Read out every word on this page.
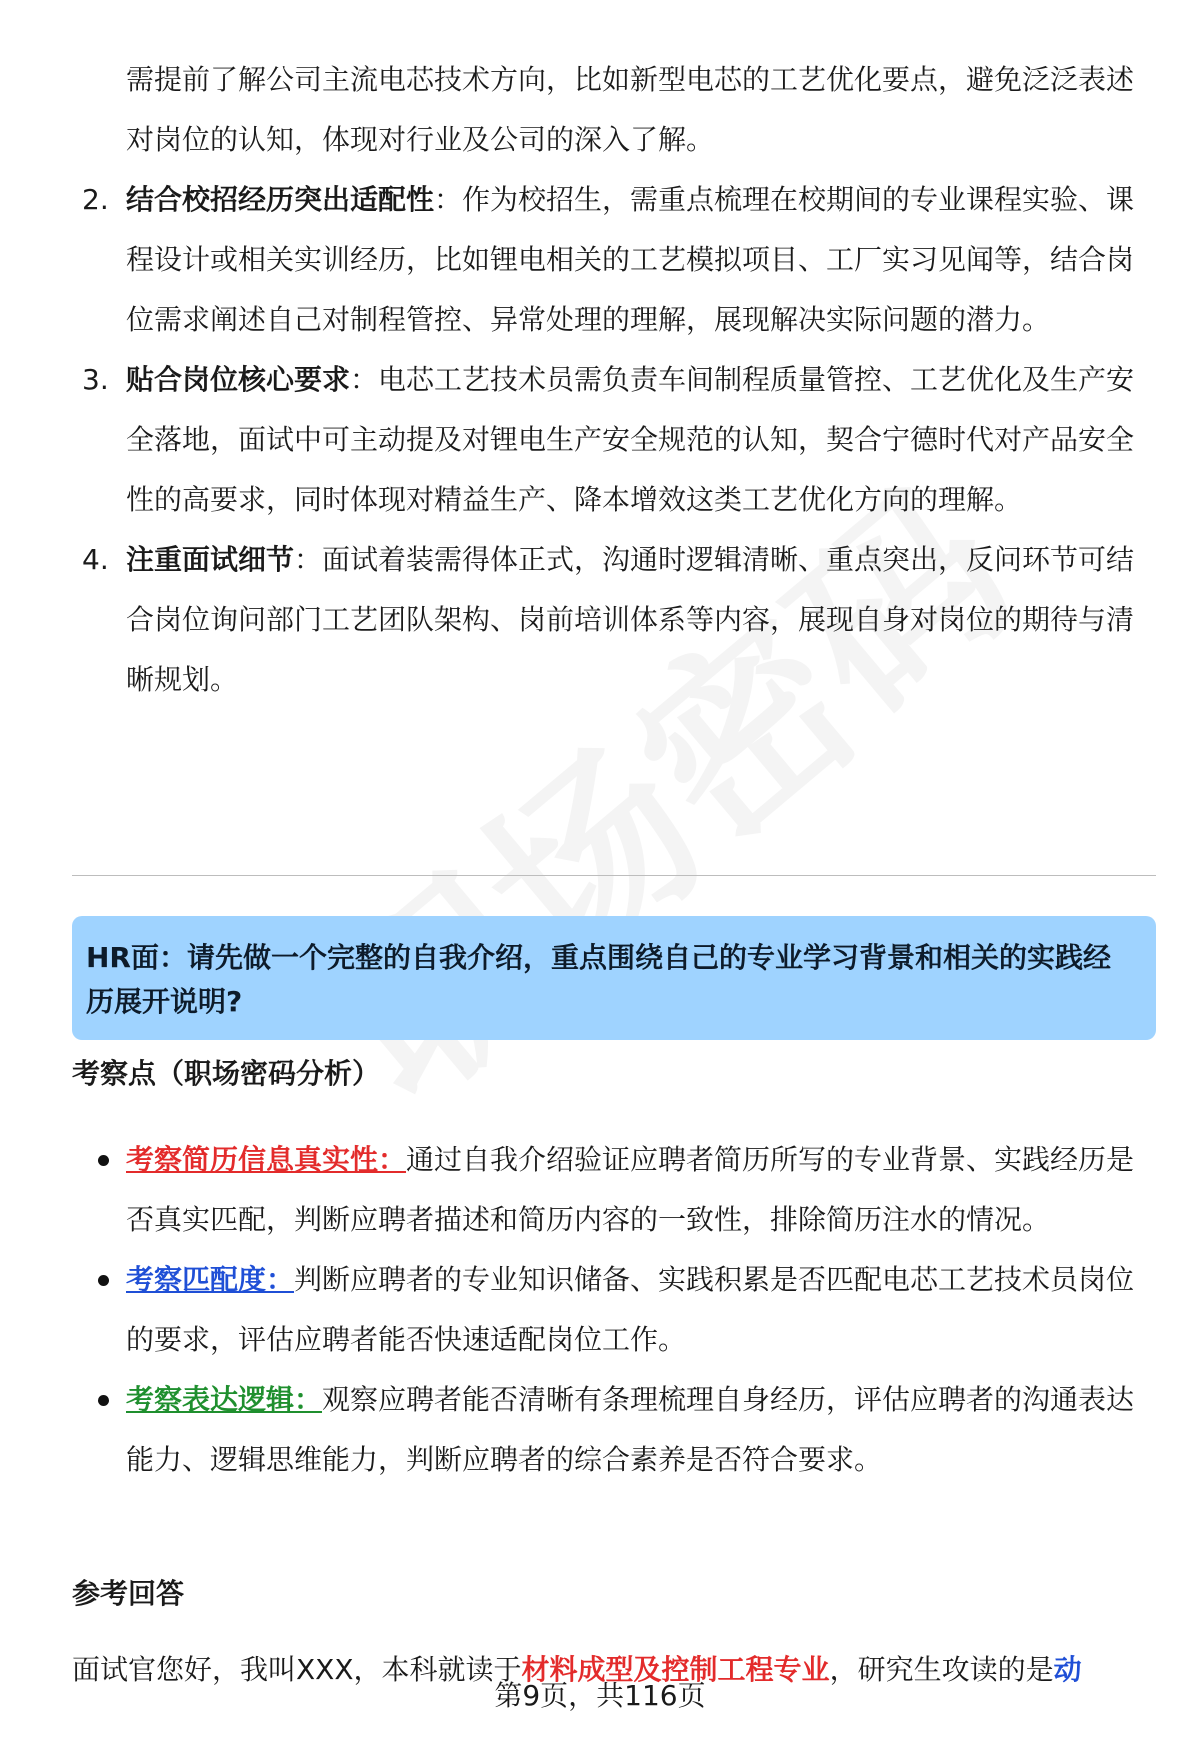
需提前了解公司主流电芯技术方向，比如新型电芯的工艺优化要点，避免泛泛表述对岗位的认知，体现对行业及公司的深入了解。
2. 结合校招经历突出适配性：作为校招生，需重点梳理在校期间的专业课程实验、课程设计或相关实训经历，比如锂电相关的工艺模拟项目、工厂实习见闻等，结合岗位需求阐述自己对制程管控、异常处理的理解，展现解决实际问题的潜力。
3. 贴合岗位核心要求：电芯工艺技术员需负责车间制程质量管控、工艺优化及生产安全落地，面试中可主动提及对锂电生产安全规范的认知，契合宁德时代对产品安全性的高要求，同时体现对精益生产、降本增效这类工艺优化方向的理解。
4. 注重面试细节：面试着装需得体正式，沟通时逻辑清晰、重点突出，反问环节可结合岗位询问部门工艺团队架构、岗前培训体系等内容，展现自身对岗位的期待与清晰规划。
HR面：请先做一个完整的自我介绍，重点围绕自己的专业学习背景和相关的实践经历展开说明?
考察点（职场密码分析）
考察简历信息真实性：通过自我介绍验证应聘者简历所写的专业背景、实践经历是否真实匹配，判断应聘者描述和简历内容的一致性，排除简历注水的情况。
考察匹配度：判断应聘者的专业知识储备、实践积累是否匹配电芯工艺技术员岗位的要求，评估应聘者能否快速适配岗位工作。
考察表达逻辑：观察应聘者能否清晰有条理梳理自身经历，评估应聘者的沟通表达能力、逻辑思维能力，判断应聘者的综合素养是否符合要求。
参考回答
面试官您好，我叫XXX，本科就读于材料成型及控制工程专业，研究生攻读的是动
第9页，共116页
